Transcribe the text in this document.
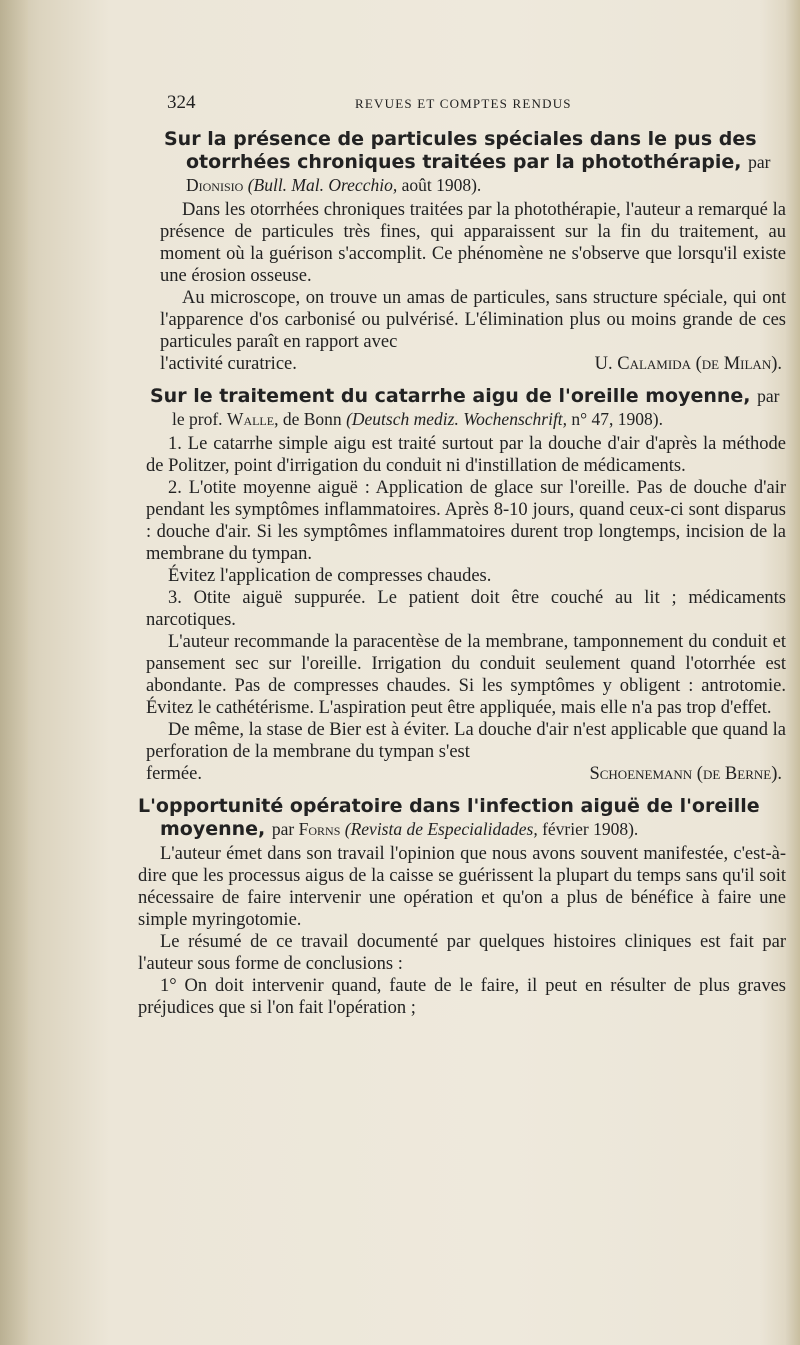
324	REVUES ET COMPTES RENDUS

Sur la présence de particules spéciales dans le pus des otorrhées chroniques traitées par la photothérapie, par Dionisio (Bull. Mal. Orecchio, août 1908).

Dans les otorrhées chroniques traitées par la photothérapie, l'auteur a remarqué la présence de particules très fines, qui apparaissent sur la fin du traitement, au moment où la guérison s'accomplit. Ce phénomène ne s'observe que lorsqu'il existe une érosion osseuse.

Au microscope, on trouve un amas de particules, sans structure spéciale, qui ont l'apparence d'os carbonisé ou pulvérisé. L'élimination plus ou moins grande de ces particules paraît en rapport avec

l'activité curatrice.	U. Calamida (de Milan).

Sur le traitement du catarrhe aigu de l'oreille moyenne, par le prof. Walle, de Bonn (Deutsch mediz. Wochenschrift, n° 47, 1908).

1. Le catarrhe simple aigu est traité surtout par la douche d'air d'après la méthode de Politzer, point d'irrigation du conduit ni d'instillation de médicaments.

2. L'otite moyenne aiguë : Application de glace sur l'oreille. Pas de douche d'air pendant les symptômes inflammatoires. Après 8-10 jours, quand ceux-ci sont disparus : douche d'air. Si les symptômes inflammatoires durent trop longtemps, incision de la membrane du tympan.

Évitez l'application de compresses chaudes.

3. Otite aiguë suppurée. Le patient doit être couché au lit ; médicaments narcotiques.

L'auteur recommande la paracentèse de la membrane, tamponnement du conduit et pansement sec sur l'oreille. Irrigation du conduit seulement quand l'otorrhée est abondante. Pas de compresses chaudes. Si les symptômes y obligent : antrotomie. Évitez le cathétérisme. L'aspiration peut être appliquée, mais elle n'a pas trop d'effet.

De même, la stase de Bier est à éviter. La douche d'air n'est applicable que quand la perforation de la membrane du tympan s'est

fermée.	Schoenemann (de Berne).

L'opportunité opératoire dans l'infection aiguë de l'oreille moyenne, par Forns (Revista de Especialidades, février 1908).

L'auteur émet dans son travail l'opinion que nous avons souvent manifestée, c'est-à-dire que les processus aigus de la caisse se guérissent la plupart du temps sans qu'il soit nécessaire de faire intervenir une opération et qu'on a plus de bénéfice à faire une simple myringotomie.

Le résumé de ce travail documenté par quelques histoires cliniques est fait par l'auteur sous forme de conclusions :

1° On doit intervenir quand, faute de le faire, il peut en résulter de plus graves préjudices que si l'on fait l'opération ;
